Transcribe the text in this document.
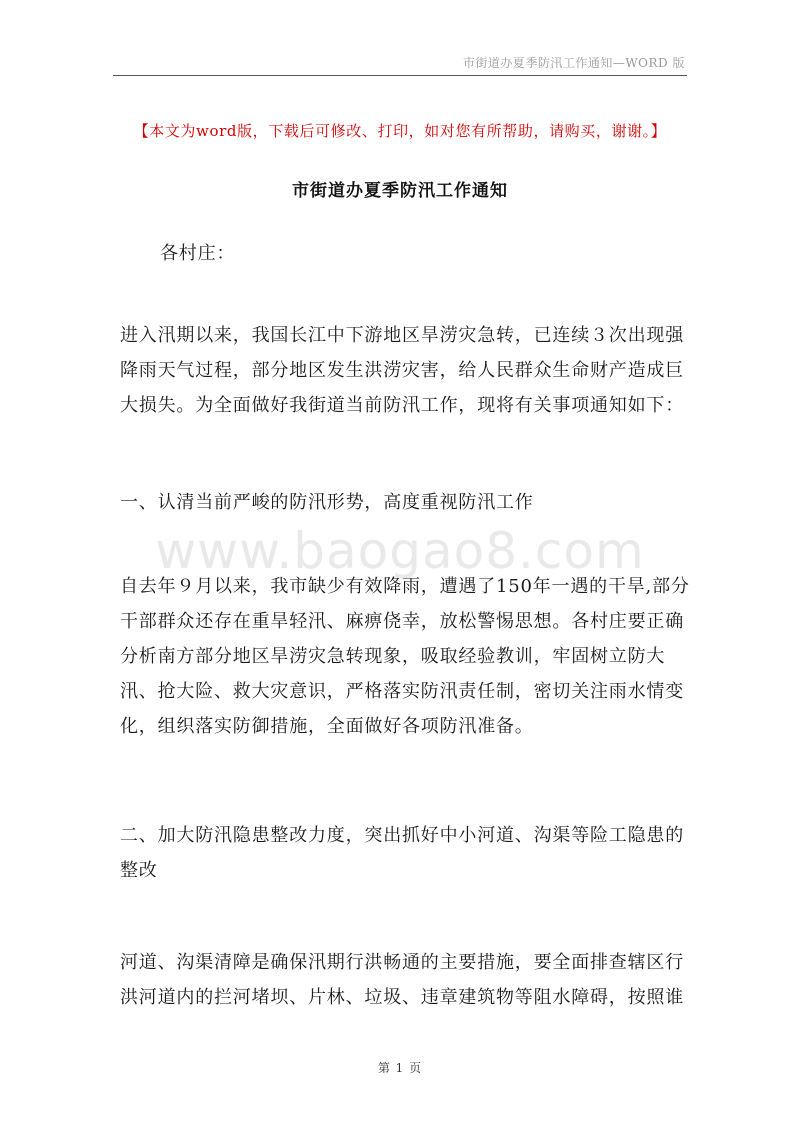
市街道办夏季防汛工作通知—WORD 版
【本文为word版，下载后可修改、打印，如对您有所帮助，请购买，谢谢。】
市街道办夏季防汛工作通知

各村庄：

进入汛期以来，我国长江中下游地区旱涝灾急转，已连续３次出现强降雨天气过程，部分地区发生洪涝灾害，给人民群众生命财产造成巨大损失。为全面做好我街道当前防汛工作，现将有关事项通知如下：

一、认清当前严峻的防汛形势，高度重视防汛工作

www.baogao8.com

自去年９月以来，我市缺少有效降雨，遭遇了150年一遇的干旱,部分干部群众还存在重旱轻汛、麻痹侥幸，放松警惕思想。各村庄要正确分析南方部分地区旱涝灾急转现象，吸取经验教训，牢固树立防大汛、抢大险、救大灾意识，严格落实防汛责任制，密切关注雨水情变化，组织落实防御措施，全面做好各项防汛准备。

二、加大防汛隐患整改力度，突出抓好中小河道、沟渠等险工隐患的整改

河道、沟渠清障是确保汛期行洪畅通的主要措施，要全面排查辖区行洪河道内的拦河堵坝、片林、垃圾、违章建筑物等阻水障碍，按照谁

第 1 页
